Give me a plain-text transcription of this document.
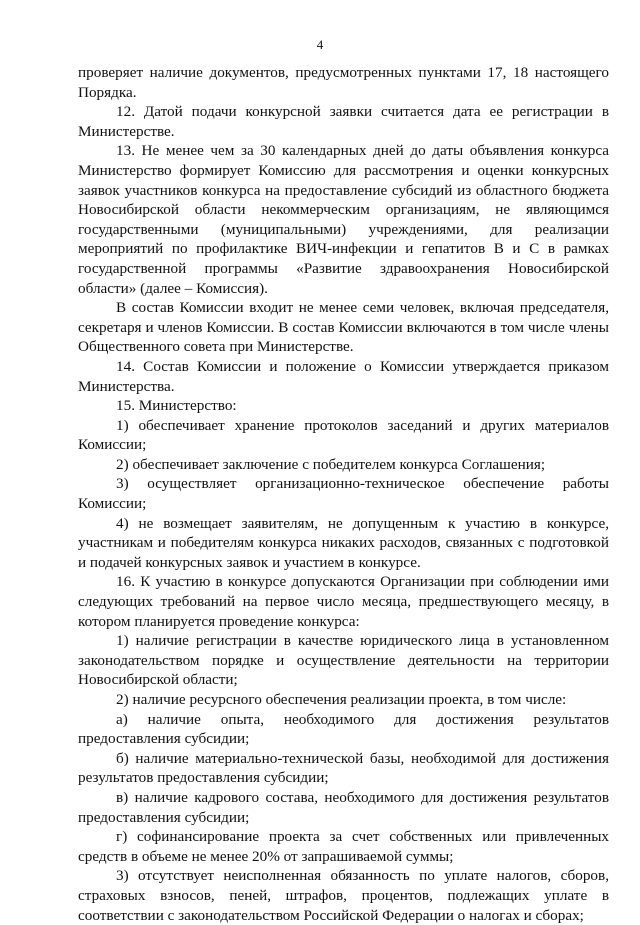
4

проверяет наличие документов, предусмотренных пунктами 17, 18 настоящего Порядка.

12. Датой подачи конкурсной заявки считается дата ее регистрации в Министерстве.

13. Не менее чем за 30 календарных дней до даты объявления конкурса Министерство формирует Комиссию для рассмотрения и оценки конкурсных заявок участников конкурса на предоставление субсидий из областного бюджета Новосибирской области некоммерческим организациям, не являющимся государственными (муниципальными) учреждениями, для реализации мероприятий по профилактике ВИЧ-инфекции и гепатитов В и С в рамках государственной программы «Развитие здравоохранения Новосибирской области» (далее – Комиссия).

В состав Комиссии входит не менее семи человек, включая председателя, секретаря и членов Комиссии. В состав Комиссии включаются в том числе члены Общественного совета при Министерстве.

14. Состав Комиссии и положение о Комиссии утверждается приказом Министерства.

15. Министерство:

1) обеспечивает хранение протоколов заседаний и других материалов Комиссии;

2) обеспечивает заключение с победителем конкурса Соглашения;

3) осуществляет организационно-техническое обеспечение работы Комиссии;

4) не возмещает заявителям, не допущенным к участию в конкурсе, участникам и победителям конкурса никаких расходов, связанных с подготовкой и подачей конкурсных заявок и участием в конкурсе.

16. К участию в конкурсе допускаются Организации при соблюдении ими следующих требований на первое число месяца, предшествующего месяцу, в котором планируется проведение конкурса:

1) наличие регистрации в качестве юридического лица в установленном законодательством порядке и осуществление деятельности на территории Новосибирской области;

2) наличие ресурсного обеспечения реализации проекта, в том числе:

а) наличие опыта, необходимого для достижения результатов предоставления субсидии;

б) наличие материально-технической базы, необходимой для достижения результатов предоставления субсидии;

в) наличие кадрового состава, необходимого для достижения результатов предоставления субсидии;

г) софинансирование проекта за счет собственных или привлеченных средств в объеме не менее 20% от запрашиваемой суммы;

3) отсутствует неисполненная обязанность по уплате налогов, сборов, страховых взносов, пеней, штрафов, процентов, подлежащих уплате в соответствии с законодательством Российской Федерации о налогах и сборах;
